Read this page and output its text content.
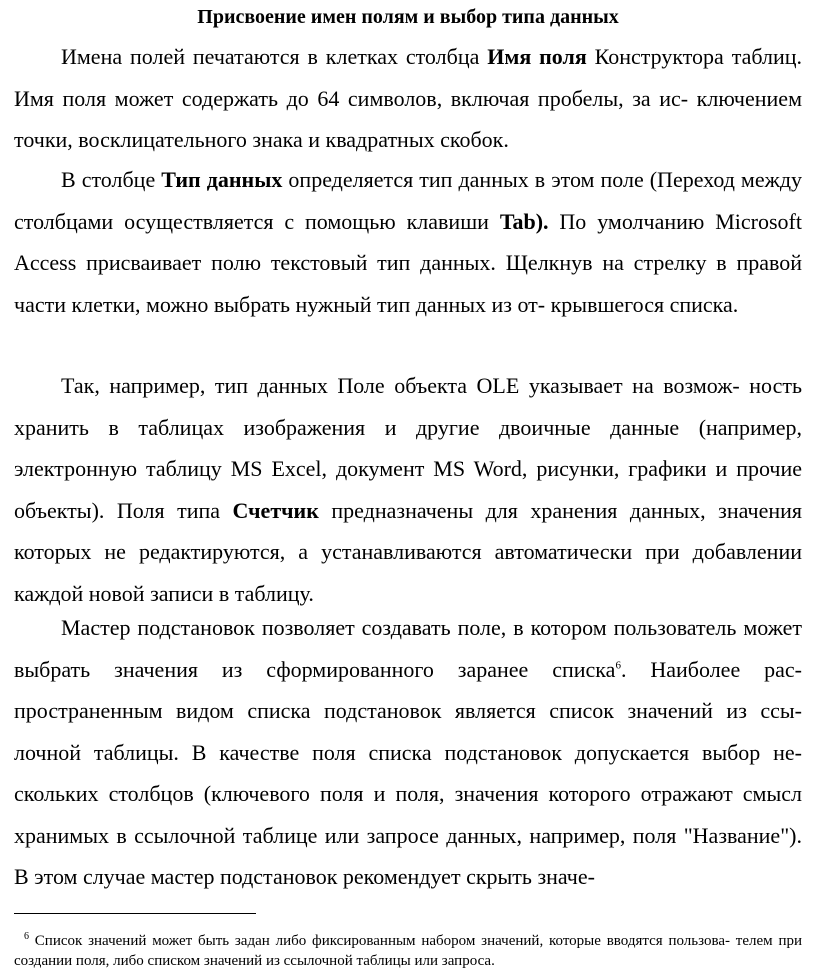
Присвоение имен полям и выбор типа данных

Имена полей печатаются в клетках столбца Имя поля Конструктора таблиц. Имя поля может содержать до 64 символов, включая пробелы, за ис- ключением точки, восклицательного знака и квадратных скобок.

В столбце Тип данных определяется тип данных в этом поле (Переход между столбцами осуществляется с помощью клавиши Tab). По умолчанию Microsoft Access присваивает полю текстовый тип данных. Щелкнув на стрелку в правой части клетки, можно выбрать нужный тип данных из от- крывшегося списка.

Так, например, тип данных Поле объекта OLE указывает на возмож- ность хранить в таблицах изображения и другие двоичные данные (например, электронную таблицу MS Excel, документ MS Word, рисунки, графики и прочие объекты). Поля типа Счетчик предназначены для хранения данных, значения которых не редактируются, а устанавливаются автоматически при добавлении каждой новой записи в таблицу.

Мастер подстановок позволяет создавать поле, в котором пользователь может выбрать значения из сформированного заранее списка$^6$. Наиболее рас- пространенным видом списка подстановок является список значений из ссы- лочной таблицы. В качестве поля списка подстановок допускается выбор не- скольких столбцов (ключевого поля и поля, значения которого отражают смысл хранимых в ссылочной таблице или запросе данных, например, поля "Название"). В этом случае мастер подстановок рекомендует скрыть значе-

$^6$ Список значений может быть задан либо фиксированным набором значений, которые вводятся пользова- телем при создании поля, либо списком значений из ссылочной таблицы или запроса.
